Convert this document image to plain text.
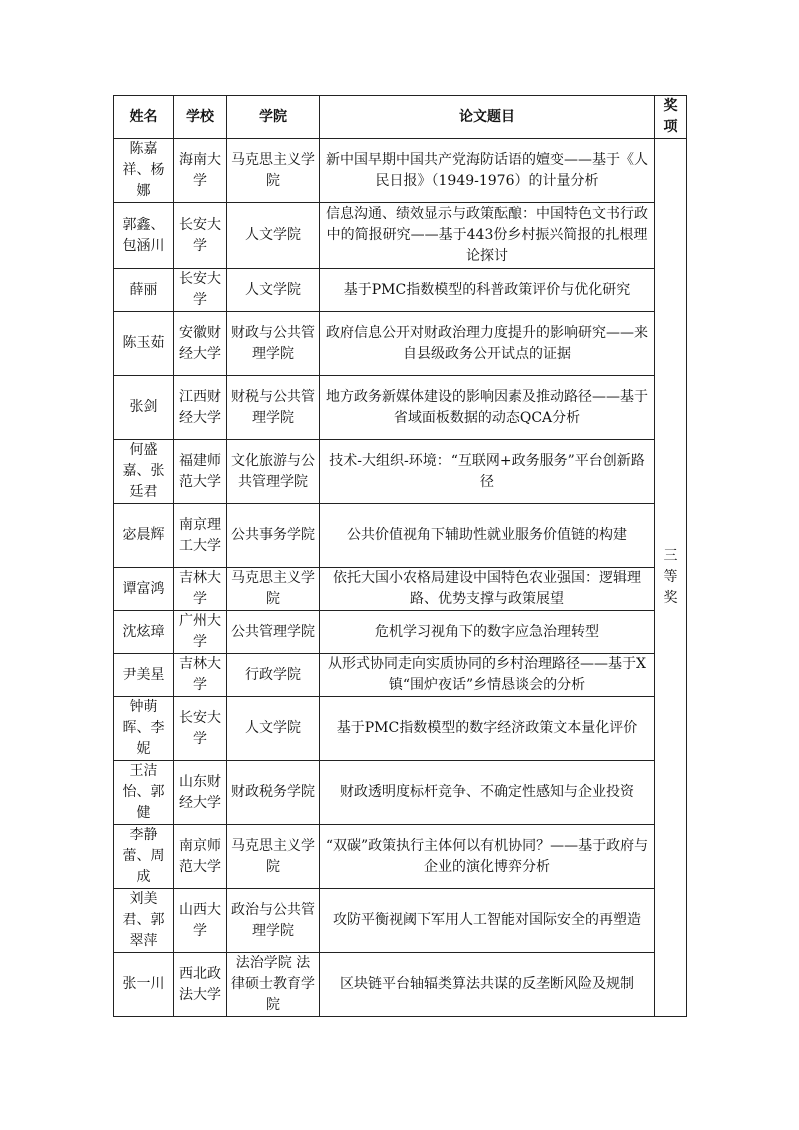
姓名	学校	学院	论文题目	奖项
陈嘉祥、杨娜	海南大学	马克思主义学院	新中国早期中国共产党海防话语的嬗变——基于《人民日报》（1949-1976）的计量分析	三等奖
郭鑫、包涵川	长安大学	人文学院	信息沟通、绩效显示与政策酝酿：中国特色文书行政中的简报研究——基于443份乡村振兴简报的扎根理论探讨	
薛丽	长安大学	人文学院	基于PMC指数模型的科普政策评价与优化研究	
陈玉茹	安徽财经大学	财政与公共管理学院	政府信息公开对财政治理力度提升的影响研究——来自县级政务公开试点的证据	
张剑	江西财经大学	财税与公共管理学院	地方政务新媒体建设的影响因素及推动路径——基于省域面板数据的动态QCA分析	
何盛嘉、张廷君	福建师范大学	文化旅游与公共管理学院	技术-大组织-环境：“互联网+政务服务”平台创新路径	
宓晨辉	南京理工大学	公共事务学院	公共价值视角下辅助性就业服务价值链的构建	
谭富鸿	吉林大学	马克思主义学院	依托大国小农格局建设中国特色农业强国：逻辑理路、优势支撑与政策展望	
沈炫璋	广州大学	公共管理学院	危机学习视角下的数字应急治理转型	
尹美星	吉林大学	行政学院	从形式协同走向实质协同的乡村治理路径——基于X镇“围炉夜话”乡情恳谈会的分析	
钟萌晖、李妮	长安大学	人文学院	基于PMC指数模型的数字经济政策文本量化评价	
王洁怡、郭健	山东财经大学	财政税务学院	财政透明度标杆竞争、不确定性感知与企业投资	
李静蕾、周成	南京师范大学	马克思主义学院	“双碳”政策执行主体何以有机协同？——基于政府与企业的演化博弈分析	
刘美君、郭翠萍	山西大学	政治与公共管理学院	攻防平衡视阈下军用人工智能对国际安全的再塑造	
张一川	西北政法大学	法治学院 法律硕士教育学院	区块链平台轴辐类算法共谋的反垄断风险及规制	
